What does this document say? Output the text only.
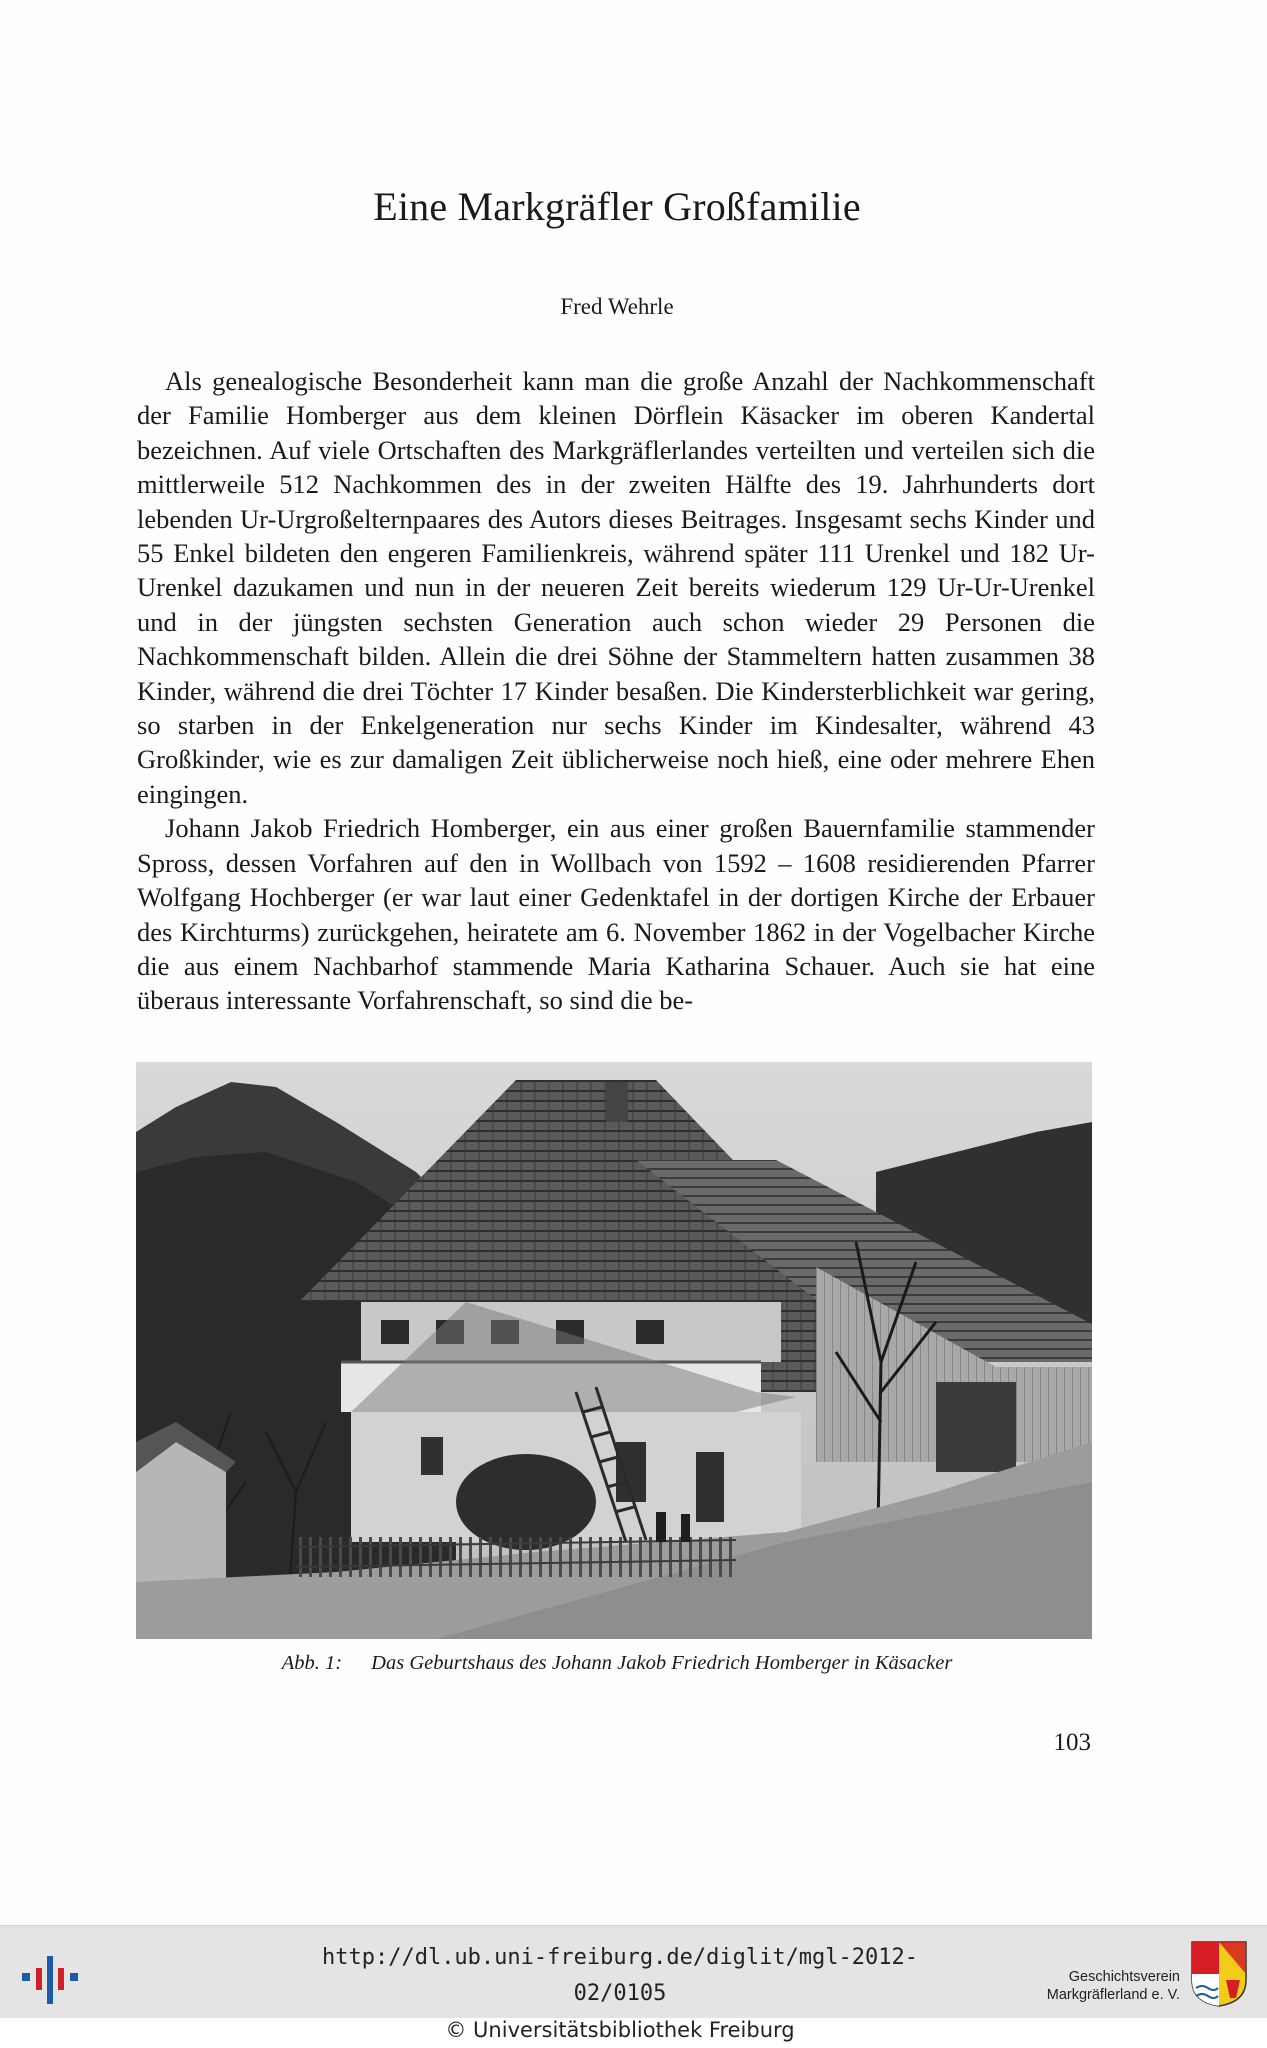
Eine Markgräfler Großfamilie
Fred Wehrle

Als genealogische Besonderheit kann man die große Anzahl der Nachkommenschaft der Familie Homberger aus dem kleinen Dörflein Käsacker im oberen Kandertal bezeichnen. Auf viele Ortschaften des Markgräflerlandes verteilten und verteilen sich die mittlerweile 512 Nachkommen des in der zweiten Hälfte des 19. Jahrhunderts dort lebenden Ur-Urgroßelternpaares des Autors dieses Beitrages. Insgesamt sechs Kinder und 55 Enkel bildeten den engeren Familienkreis, während später 111 Urenkel und 182 Ur-Urenkel dazukamen und nun in der neueren Zeit bereits wiederum 129 Ur-Ur-Urenkel und in der jüngsten sechsten Generation auch schon wieder 29 Personen die Nachkommenschaft bilden. Allein die drei Söhne der Stammeltern hatten zusammen 38 Kinder, während die drei Töchter 17 Kinder besaßen. Die Kindersterblichkeit war gering, so starben in der Enkelgeneration nur sechs Kinder im Kindesalter, während 43 Großkinder, wie es zur damaligen Zeit üblicherweise noch hieß, eine oder mehrere Ehen eingingen.

Johann Jakob Friedrich Homberger, ein aus einer großen Bauernfamilie stammender Spross, dessen Vorfahren auf den in Wollbach von 1592 – 1608 residierenden Pfarrer Wolfgang Hochberger (er war laut einer Gedenktafel in der dortigen Kirche der Erbauer des Kirchturms) zurückgehen, heiratete am 6. November 1862 in der Vogelbacher Kirche die aus einem Nachbarhof stammende Maria Katharina Schauer. Auch sie hat eine überaus interessante Vorfahrenschaft, so sind die be-

Abb. 1: Das Geburtshaus des Johann Jakob Friedrich Homberger in Käsacker
103
http://dl.ub.uni-freiburg.de/diglit/mgl-2012-02/0105
© Universitätsbibliothek Freiburg
Geschichtsverein
Markgräflerland e. V.
